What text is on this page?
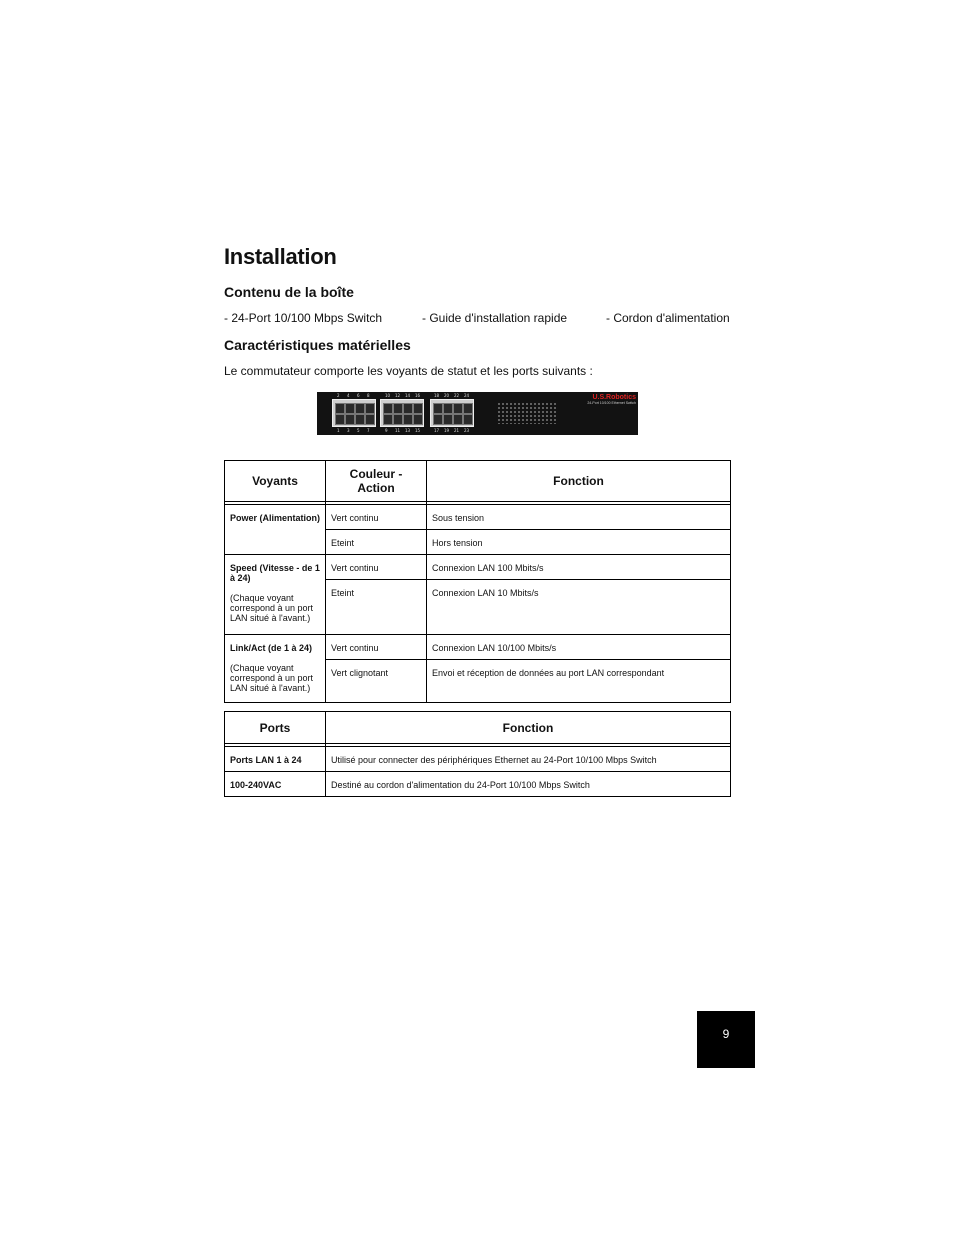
Installation
Contenu de la boîte
- 24-Port 10/100 Mbps Switch	- Guide d'installation rapide	- Cordon d'alimentation
Caractéristiques matérielles
Le commutateur comporte les voyants de statut et les ports suivants :
2 4 6 8	10 12 14 16	18 20 22 24
1 3 5 7	9 11 13 15	17 19 21 23
U.S.Robotics
24-Port 10/100 Ethernet Switch
Voyants	Couleur - Action	Fonction

Power (Alimentation)	Vert continu	Sous tension
	Eteint	Hors tension

Speed (Vitesse - de 1 à 24)
(Chaque voyant correspond à un port LAN situé à l'avant.)	Vert continu	Connexion LAN 100 Mbits/s
	Eteint	Connexion LAN 10 Mbits/s

Link/Act (de 1 à 24)
(Chaque voyant correspond à un port LAN situé à l'avant.)	Vert continu	Connexion LAN 10/100 Mbits/s
	Vert clignotant	Envoi et réception de données au port LAN correspondant
Ports	Fonction

Ports LAN 1 à 24	Utilisé pour connecter des périphériques Ethernet au 24-Port 10/100 Mbps Switch
100-240VAC	Destiné au cordon d'alimentation du 24-Port 10/100 Mbps Switch
9
